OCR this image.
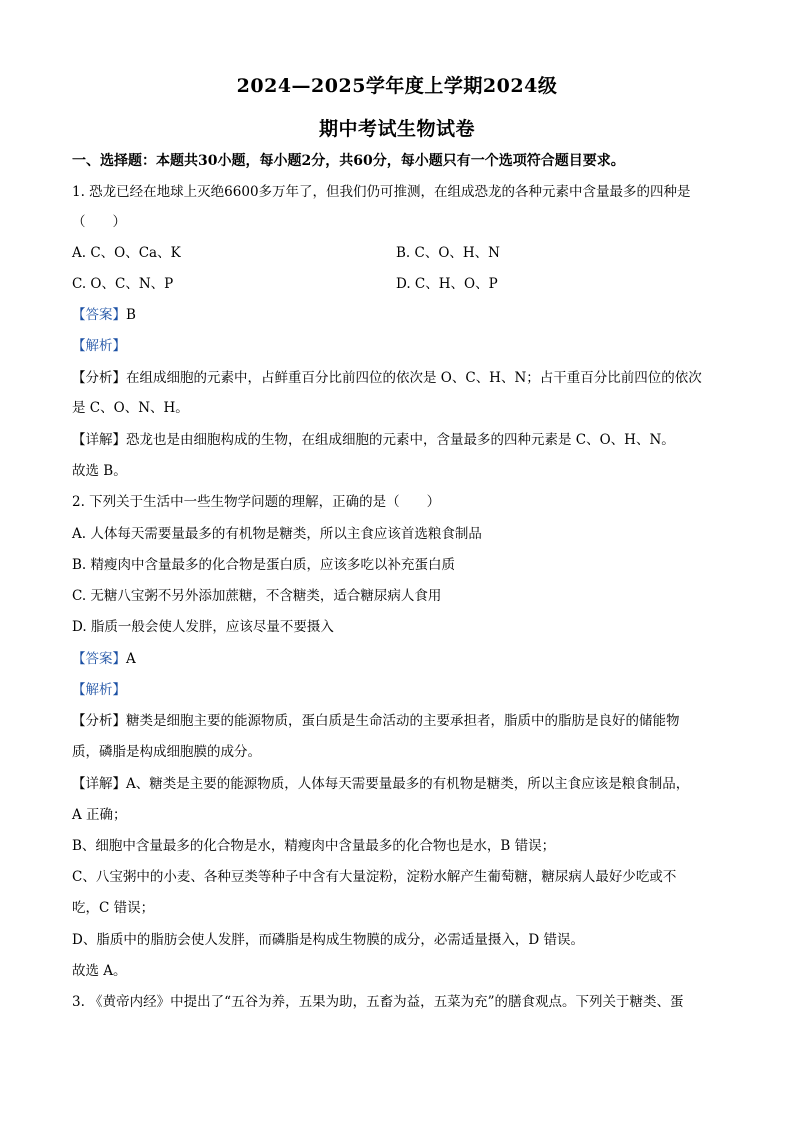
2024—2025学年度上学期2024级
期中考试生物试卷
一、选择题：本题共30小题，每小题2分，共60分，每小题只有一个选项符合题目要求。
1. 恐龙已经在地球上灭绝6600多万年了，但我们仍可推测，在组成恐龙的各种元素中含量最多的四种是
（　　）
A. C、O、Ca、K	B. C、O、H、N
C. O、C、N、P	D. C、H、O、P
【答案】B
【解析】
【分析】在组成细胞的元素中，占鲜重百分比前四位的依次是 O、C、H、N；占干重百分比前四位的依次
是 C、O、N、H。
【详解】恐龙也是由细胞构成的生物，在组成细胞的元素中，含量最多的四种元素是 C、O、H、N。
故选 B。
2. 下列关于生活中一些生物学问题的理解，正确的是（　　）
A. 人体每天需要量最多的有机物是糖类，所以主食应该首选粮食制品
B. 精瘦肉中含量最多的化合物是蛋白质，应该多吃以补充蛋白质
C. 无糖八宝粥不另外添加蔗糖，不含糖类，适合糖尿病人食用
D. 脂质一般会使人发胖，应该尽量不要摄入
【答案】A
【解析】
【分析】糖类是细胞主要的能源物质，蛋白质是生命活动的主要承担者，脂质中的脂肪是良好的储能物
质，磷脂是构成细胞膜的成分。
【详解】A、糖类是主要的能源物质，人体每天需要量最多的有机物是糖类，所以主食应该是粮食制品，
A 正确；
B、细胞中含量最多的化合物是水，精瘦肉中含量最多的化合物也是水，B 错误；
C、八宝粥中的小麦、各种豆类等种子中含有大量淀粉，淀粉水解产生葡萄糖，糖尿病人最好少吃或不
吃，C 错误；
D、脂质中的脂肪会使人发胖，而磷脂是构成生物膜的成分，必需适量摄入，D 错误。
故选 A。
3. 《黄帝内经》中提出了“五谷为养，五果为助，五畜为益，五菜为充”的膳食观点。下列关于糖类、蛋
